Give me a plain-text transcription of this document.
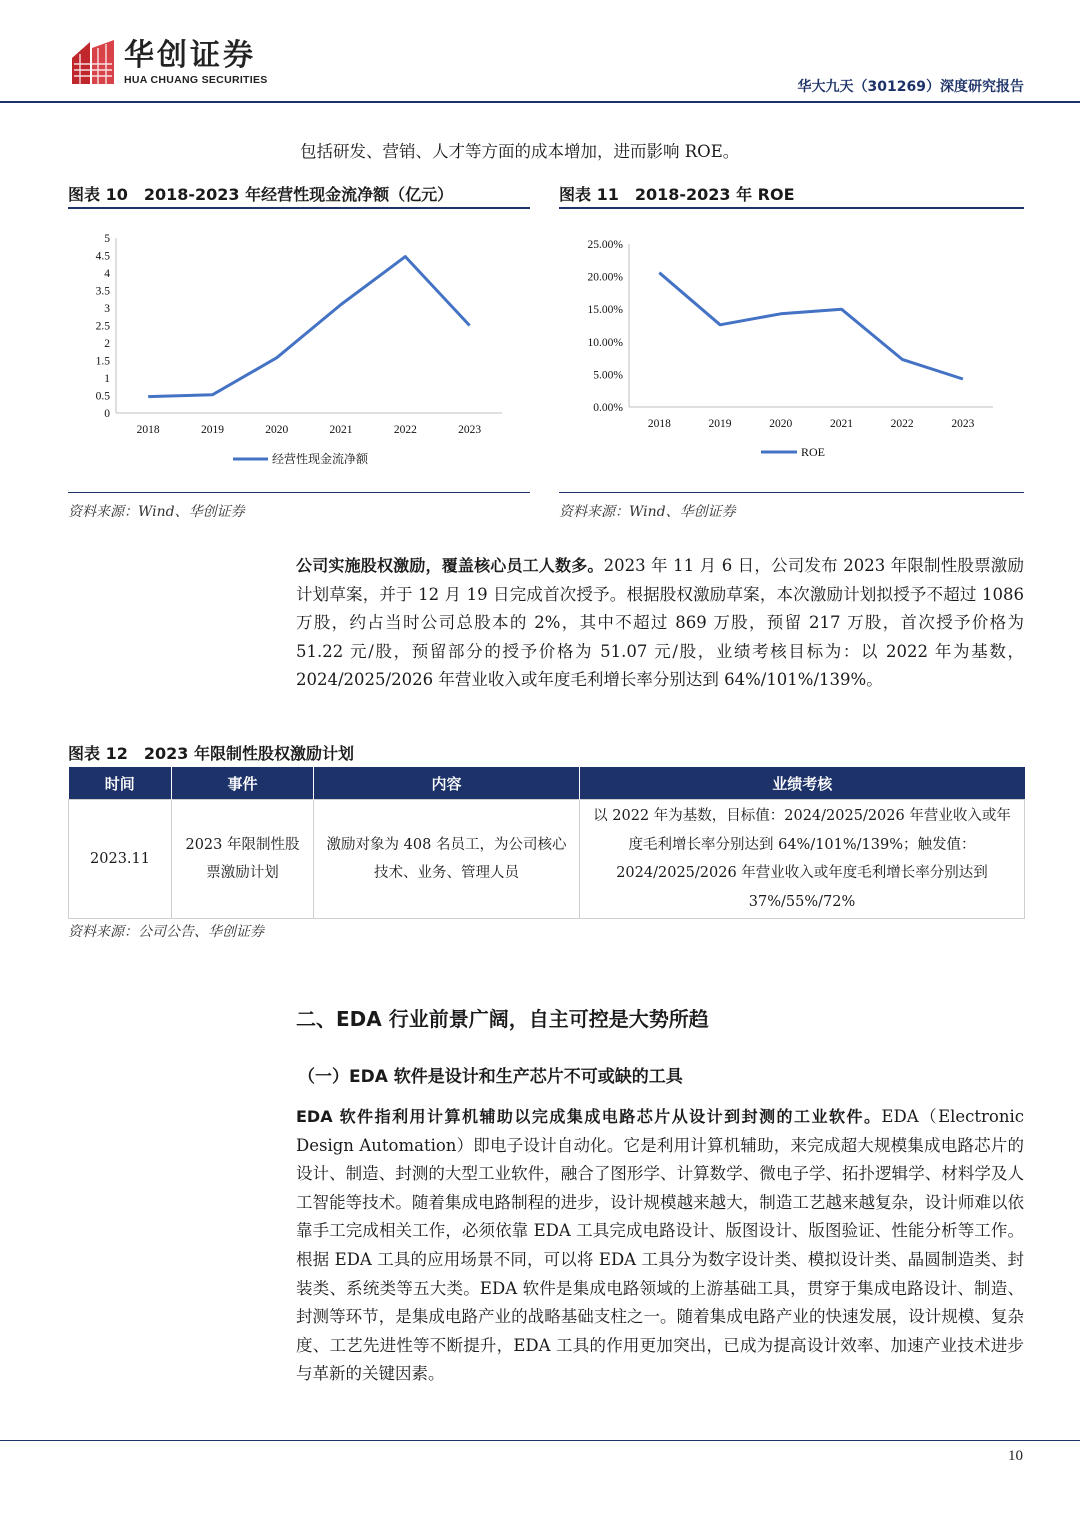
华创证券
HUA CHUANG SECURITIES	华大九天（301269）深度研究报告
包括研发、营销、人才等方面的成本增加，进而影响 ROE。
图表 10　2018-2023 年经营性现金流净额（亿元）
0
0.5
1
1.5
2
2.5
3
3.5
4
4.5
5
2018	2019	2020	2021	2022	2023
经营性现金流净额
资料来源：Wind、华创证券
图表 11　2018-2023 年 ROE
0.00%
5.00%
10.00%
15.00%
20.00%
25.00%
2018	2019	2020	2021	2022	2023
ROE
资料来源：Wind、华创证券
公司实施股权激励，覆盖核心员工人数多。2023 年 11 月 6 日，公司发布 2023 年限制性股票激励计划草案，并于 12 月 19 日完成首次授予。根据股权激励草案，本次激励计划拟授予不超过 1086 万股，约占当时公司总股本的 2%，其中不超过 869 万股，预留 217 万股，首次授予价格为 51.22 元/股，预留部分的授予价格为 51.07 元/股，业绩考核目标为：以 2022 年为基数，2024/2025/2026 年营业收入或年度毛利增长率分别达到 64%/101%/139%。
图表 12　2023 年限制性股权激励计划
时间	事件	内容	业绩考核
2023.11	2023 年限制性股票激励计划	激励对象为 408 名员工，为公司核心技术、业务、管理人员	以 2022 年为基数，目标值：2024/2025/2026 年营业收入或年度毛利增长率分别达到 64%/101%/139%；触发值：2024/2025/2026 年营业收入或年度毛利增长率分别达到 37%/55%/72%
资料来源：公司公告、华创证券
二、EDA 行业前景广阔，自主可控是大势所趋
（一）EDA 软件是设计和生产芯片不可或缺的工具
EDA 软件指利用计算机辅助以完成集成电路芯片从设计到封测的工业软件。EDA（Electronic Design Automation）即电子设计自动化。它是利用计算机辅助，来完成超大规模集成电路芯片的设计、制造、封测的大型工业软件，融合了图形学、计算数学、微电子学、拓扑逻辑学、材料学及人工智能等技术。随着集成电路制程的进步，设计规模越来越大，制造工艺越来越复杂，设计师难以依靠手工完成相关工作，必须依靠 EDA 工具完成电路设计、版图设计、版图验证、性能分析等工作。根据 EDA 工具的应用场景不同，可以将 EDA 工具分为数字设计类、模拟设计类、晶圆制造类、封装类、系统类等五大类。EDA 软件是集成电路领域的上游基础工具，贯穿于集成电路设计、制造、封测等环节，是集成电路产业的战略基础支柱之一。随着集成电路产业的快速发展，设计规模、复杂度、工艺先进性等不断提升，EDA 工具的作用更加突出，已成为提高设计效率、加速产业技术进步与革新的关键因素。
10
